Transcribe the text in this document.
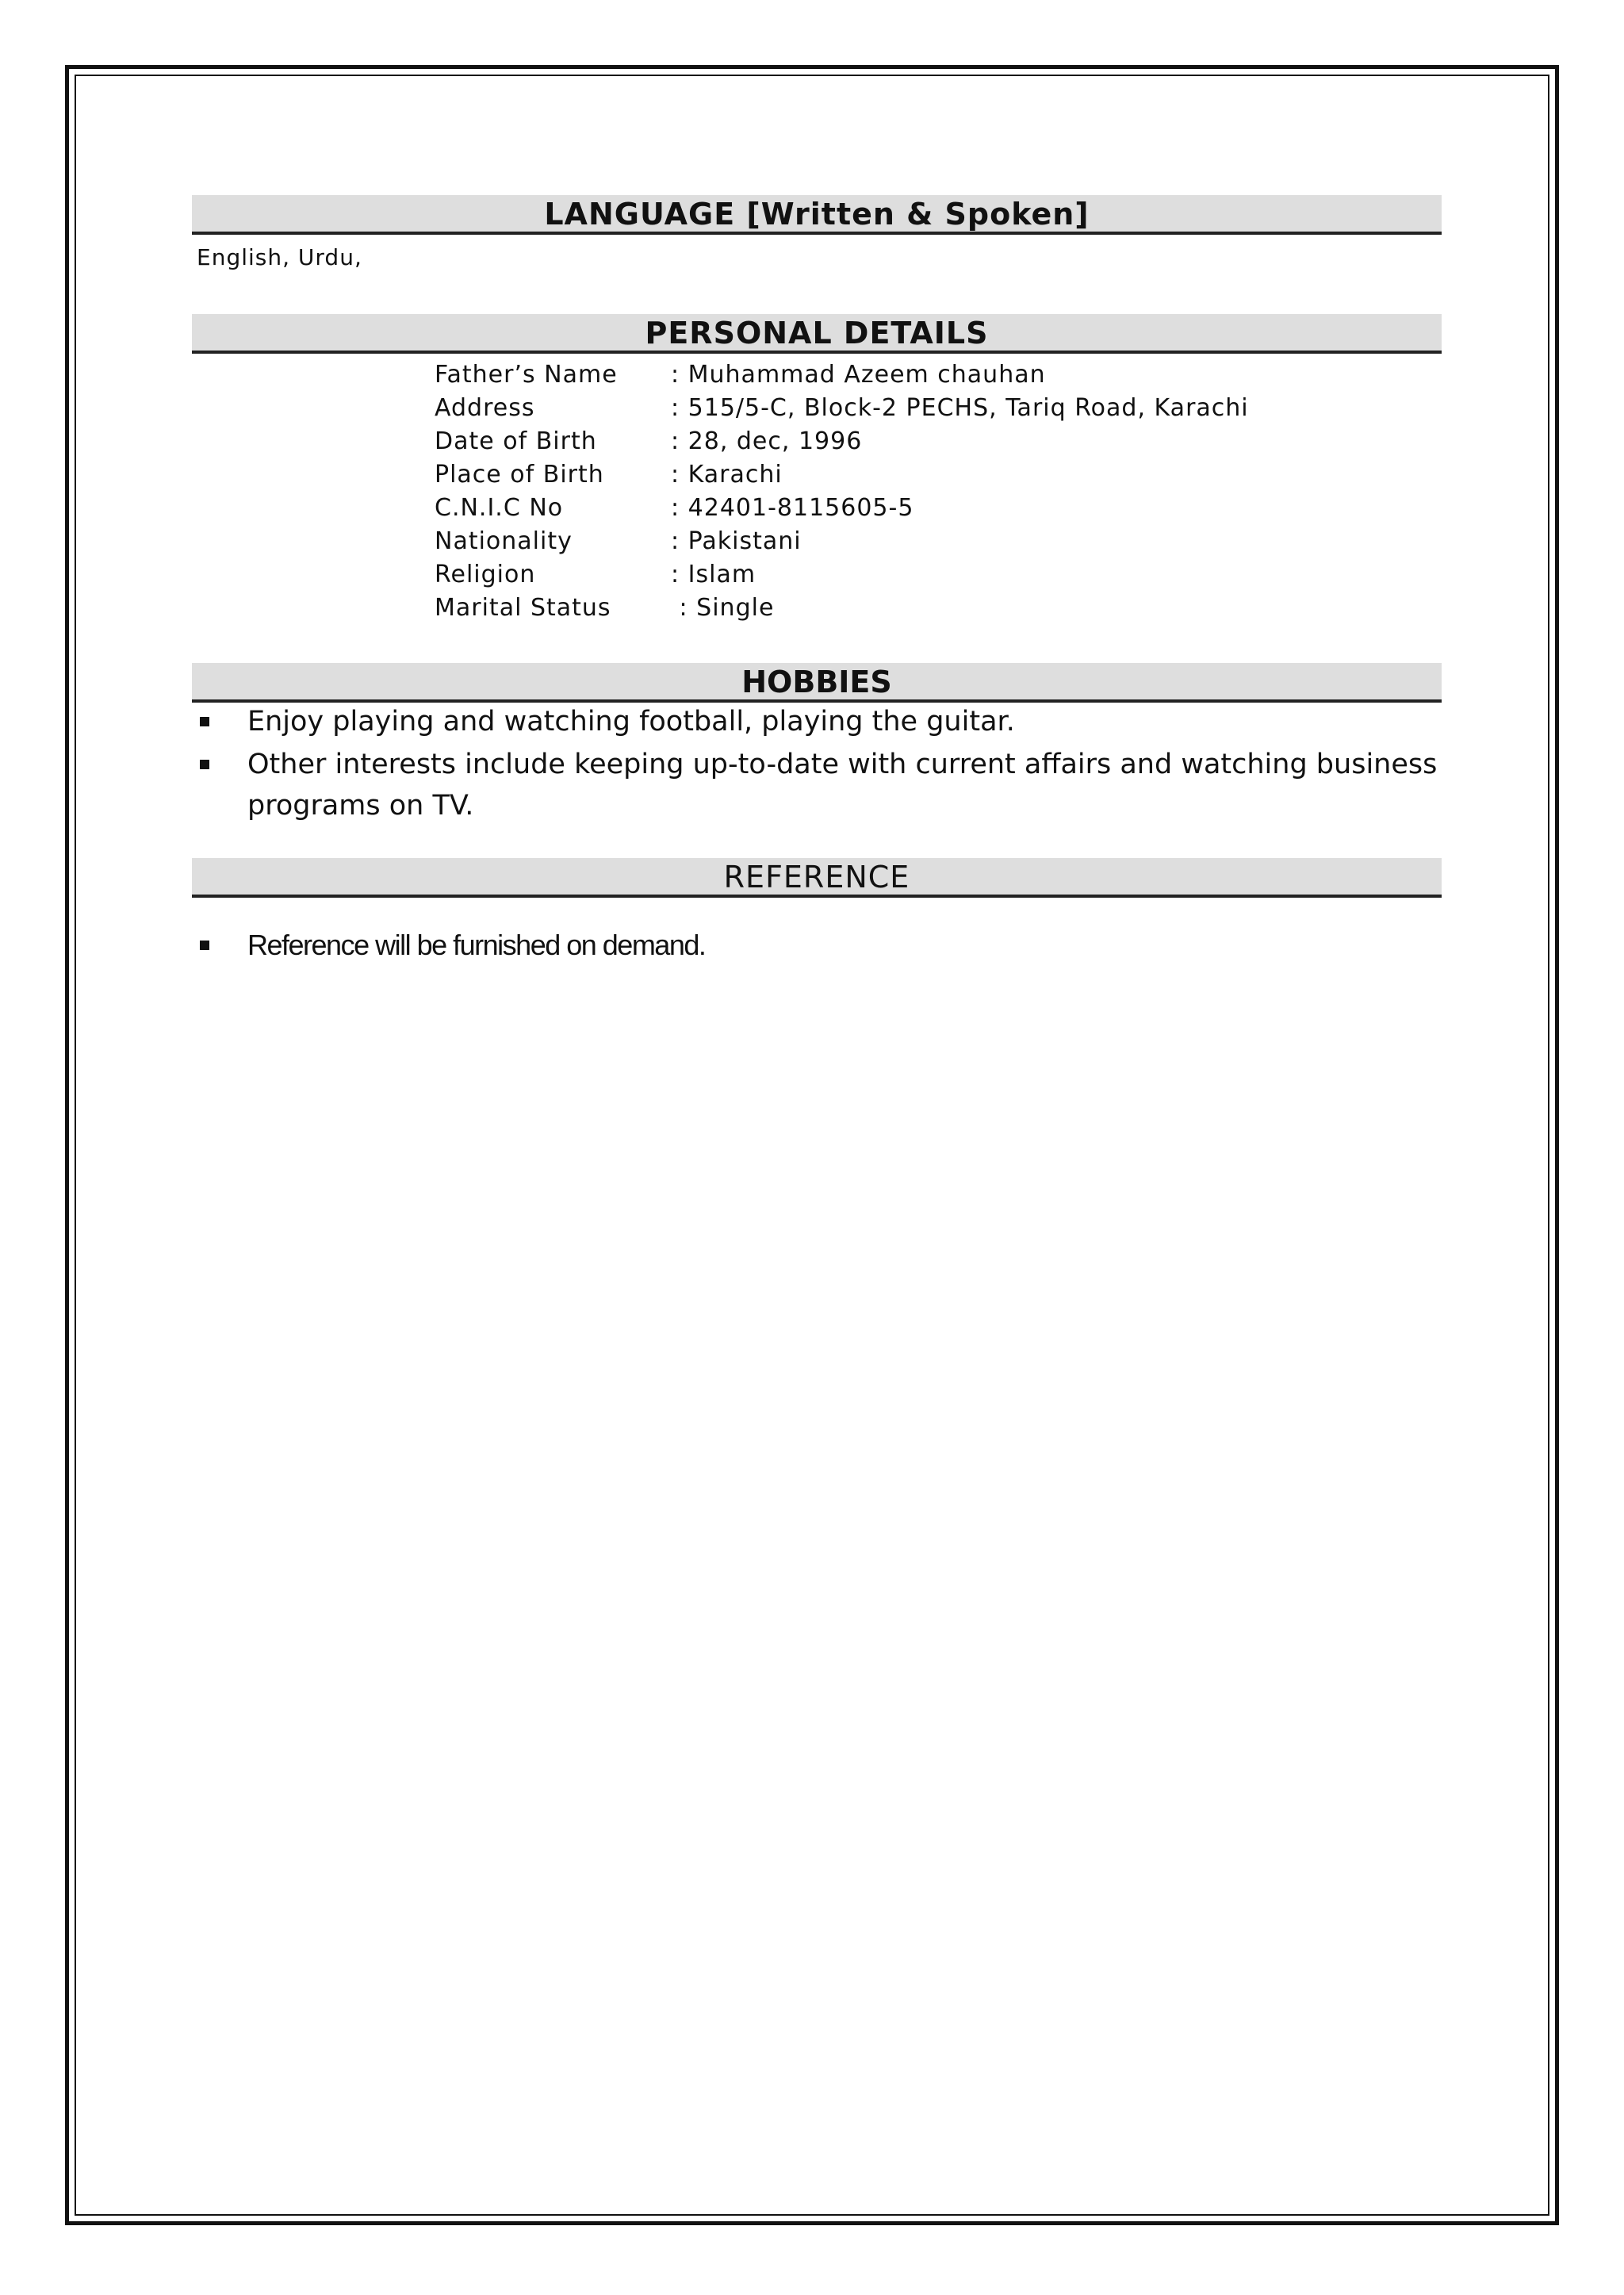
LANGUAGE [Written & Spoken]
English, Urdu,
PERSONAL DETAILS
Father’s Name	: Muhammad Azeem chauhan
Address	: 515/5-C, Block-2 PECHS, Tariq Road, Karachi
Date of Birth	: 28, dec, 1996
Place of Birth	: Karachi
C.N.I.C No	: 42401-8115605-5
Nationality	: Pakistani
Religion	: Islam
Marital Status	: Single
HOBBIES
Enjoy playing and watching football, playing the guitar.
Other interests include keeping up-to-date with current affairs and watching business programs on TV.
REFERENCE
Reference will be furnished on demand.
